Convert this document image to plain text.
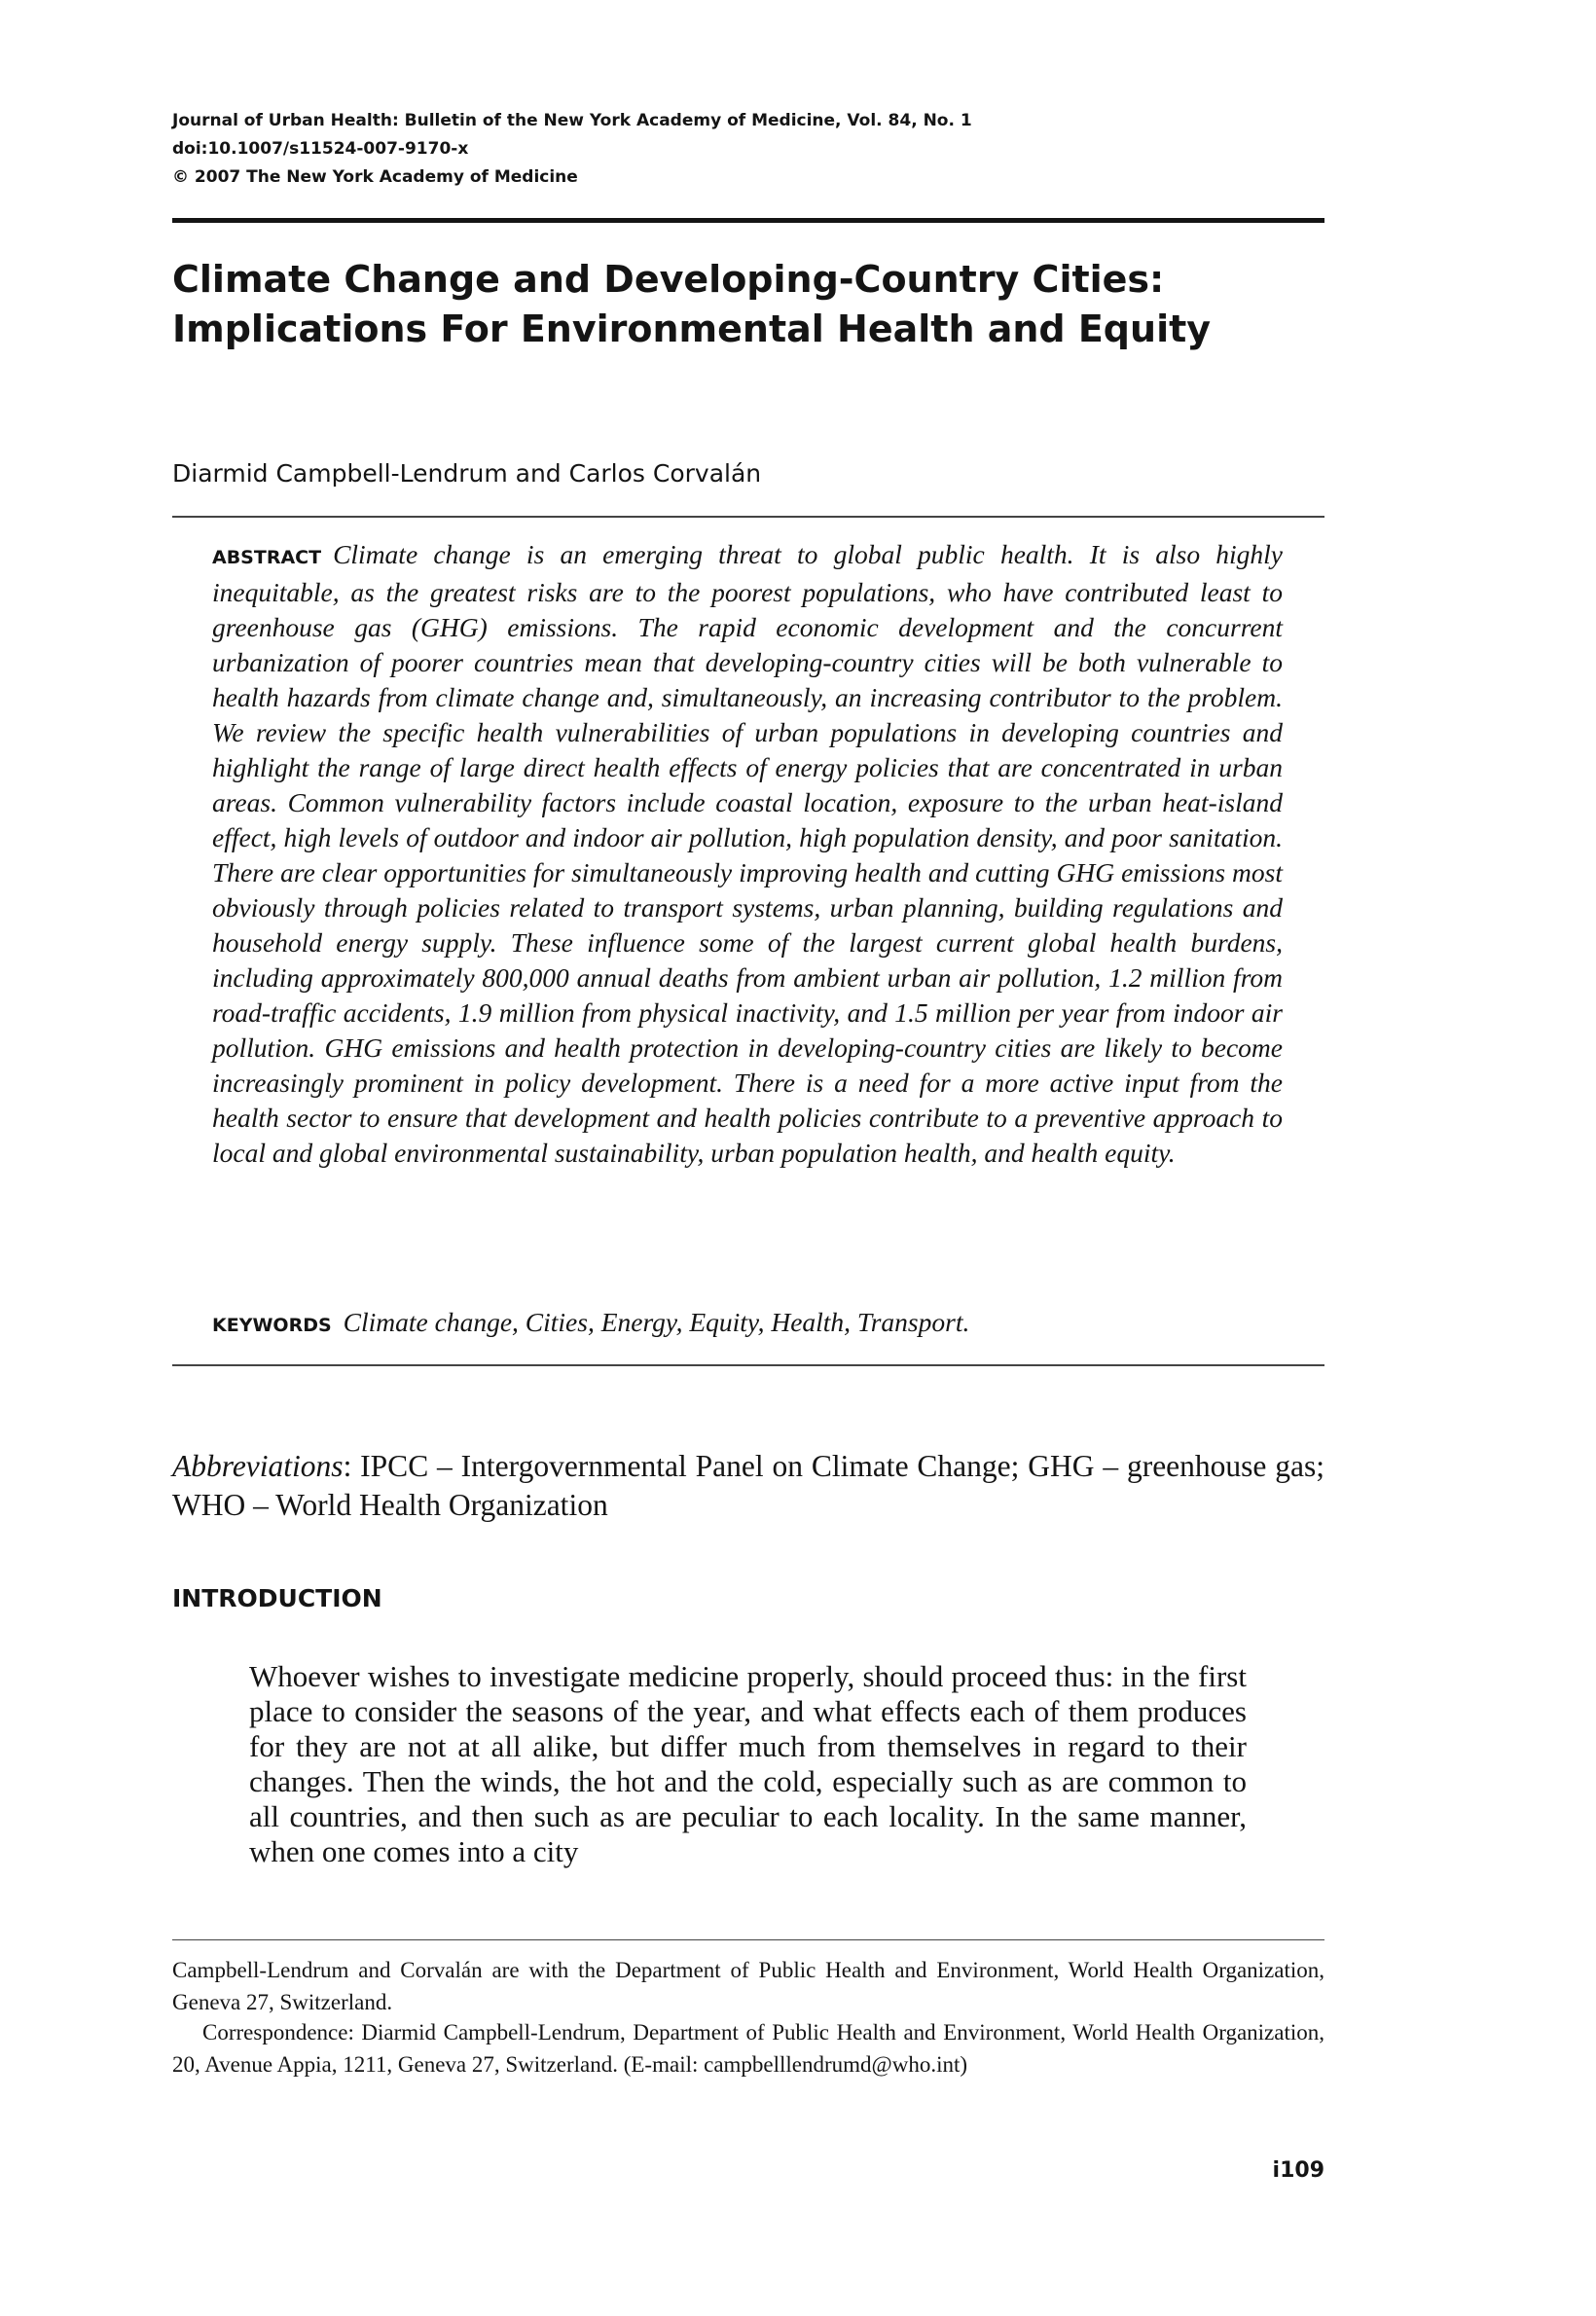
Journal of Urban Health: Bulletin of the New York Academy of Medicine, Vol. 84, No. 1
doi:10.1007/s11524-007-9170-x
© 2007 The New York Academy of Medicine
Climate Change and Developing-Country Cities:
Implications For Environmental Health and Equity
Diarmid Campbell-Lendrum and Carlos Corvalán
ABSTRACT Climate change is an emerging threat to global public health. It is also highly inequitable, as the greatest risks are to the poorest populations, who have contributed least to greenhouse gas (GHG) emissions. The rapid economic development and the concurrent urbanization of poorer countries mean that developing-country cities will be both vulnerable to health hazards from climate change and, simultaneously, an increasing contributor to the problem. We review the specific health vulnerabilities of urban populations in developing countries and highlight the range of large direct health effects of energy policies that are concentrated in urban areas. Common vulnerability factors include coastal location, exposure to the urban heat-island effect, high levels of outdoor and indoor air pollution, high population density, and poor sanitation. There are clear opportunities for simultaneously improving health and cutting GHG emissions most obviously through policies related to transport systems, urban planning, building regulations and household energy supply. These influence some of the largest current global health burdens, including approximately 800,000 annual deaths from ambient urban air pollution, 1.2 million from road-traffic accidents, 1.9 million from physical inactivity, and 1.5 million per year from indoor air pollution. GHG emissions and health protection in developing-country cities are likely to become increasingly prominent in policy development. There is a need for a more active input from the health sector to ensure that development and health policies contribute to a preventive approach to local and global environmental sustainability, urban population health, and health equity.
KEYWORDS Climate change, Cities, Energy, Equity, Health, Transport.
Abbreviations: IPCC – Intergovernmental Panel on Climate Change; GHG – greenhouse gas; WHO – World Health Organization
INTRODUCTION
Whoever wishes to investigate medicine properly, should proceed thus: in the first place to consider the seasons of the year, and what effects each of them produces for they are not at all alike, but differ much from themselves in regard to their changes. Then the winds, the hot and the cold, especially such as are common to all countries, and then such as are peculiar to each locality. In the same manner, when one comes into a city
Campbell-Lendrum and Corvalán are with the Department of Public Health and Environment, World Health Organization, Geneva 27, Switzerland.
Correspondence: Diarmid Campbell-Lendrum, Department of Public Health and Environment, World Health Organization, 20, Avenue Appia, 1211, Geneva 27, Switzerland. (E-mail: campbelllendrumd@who.int)
i109
